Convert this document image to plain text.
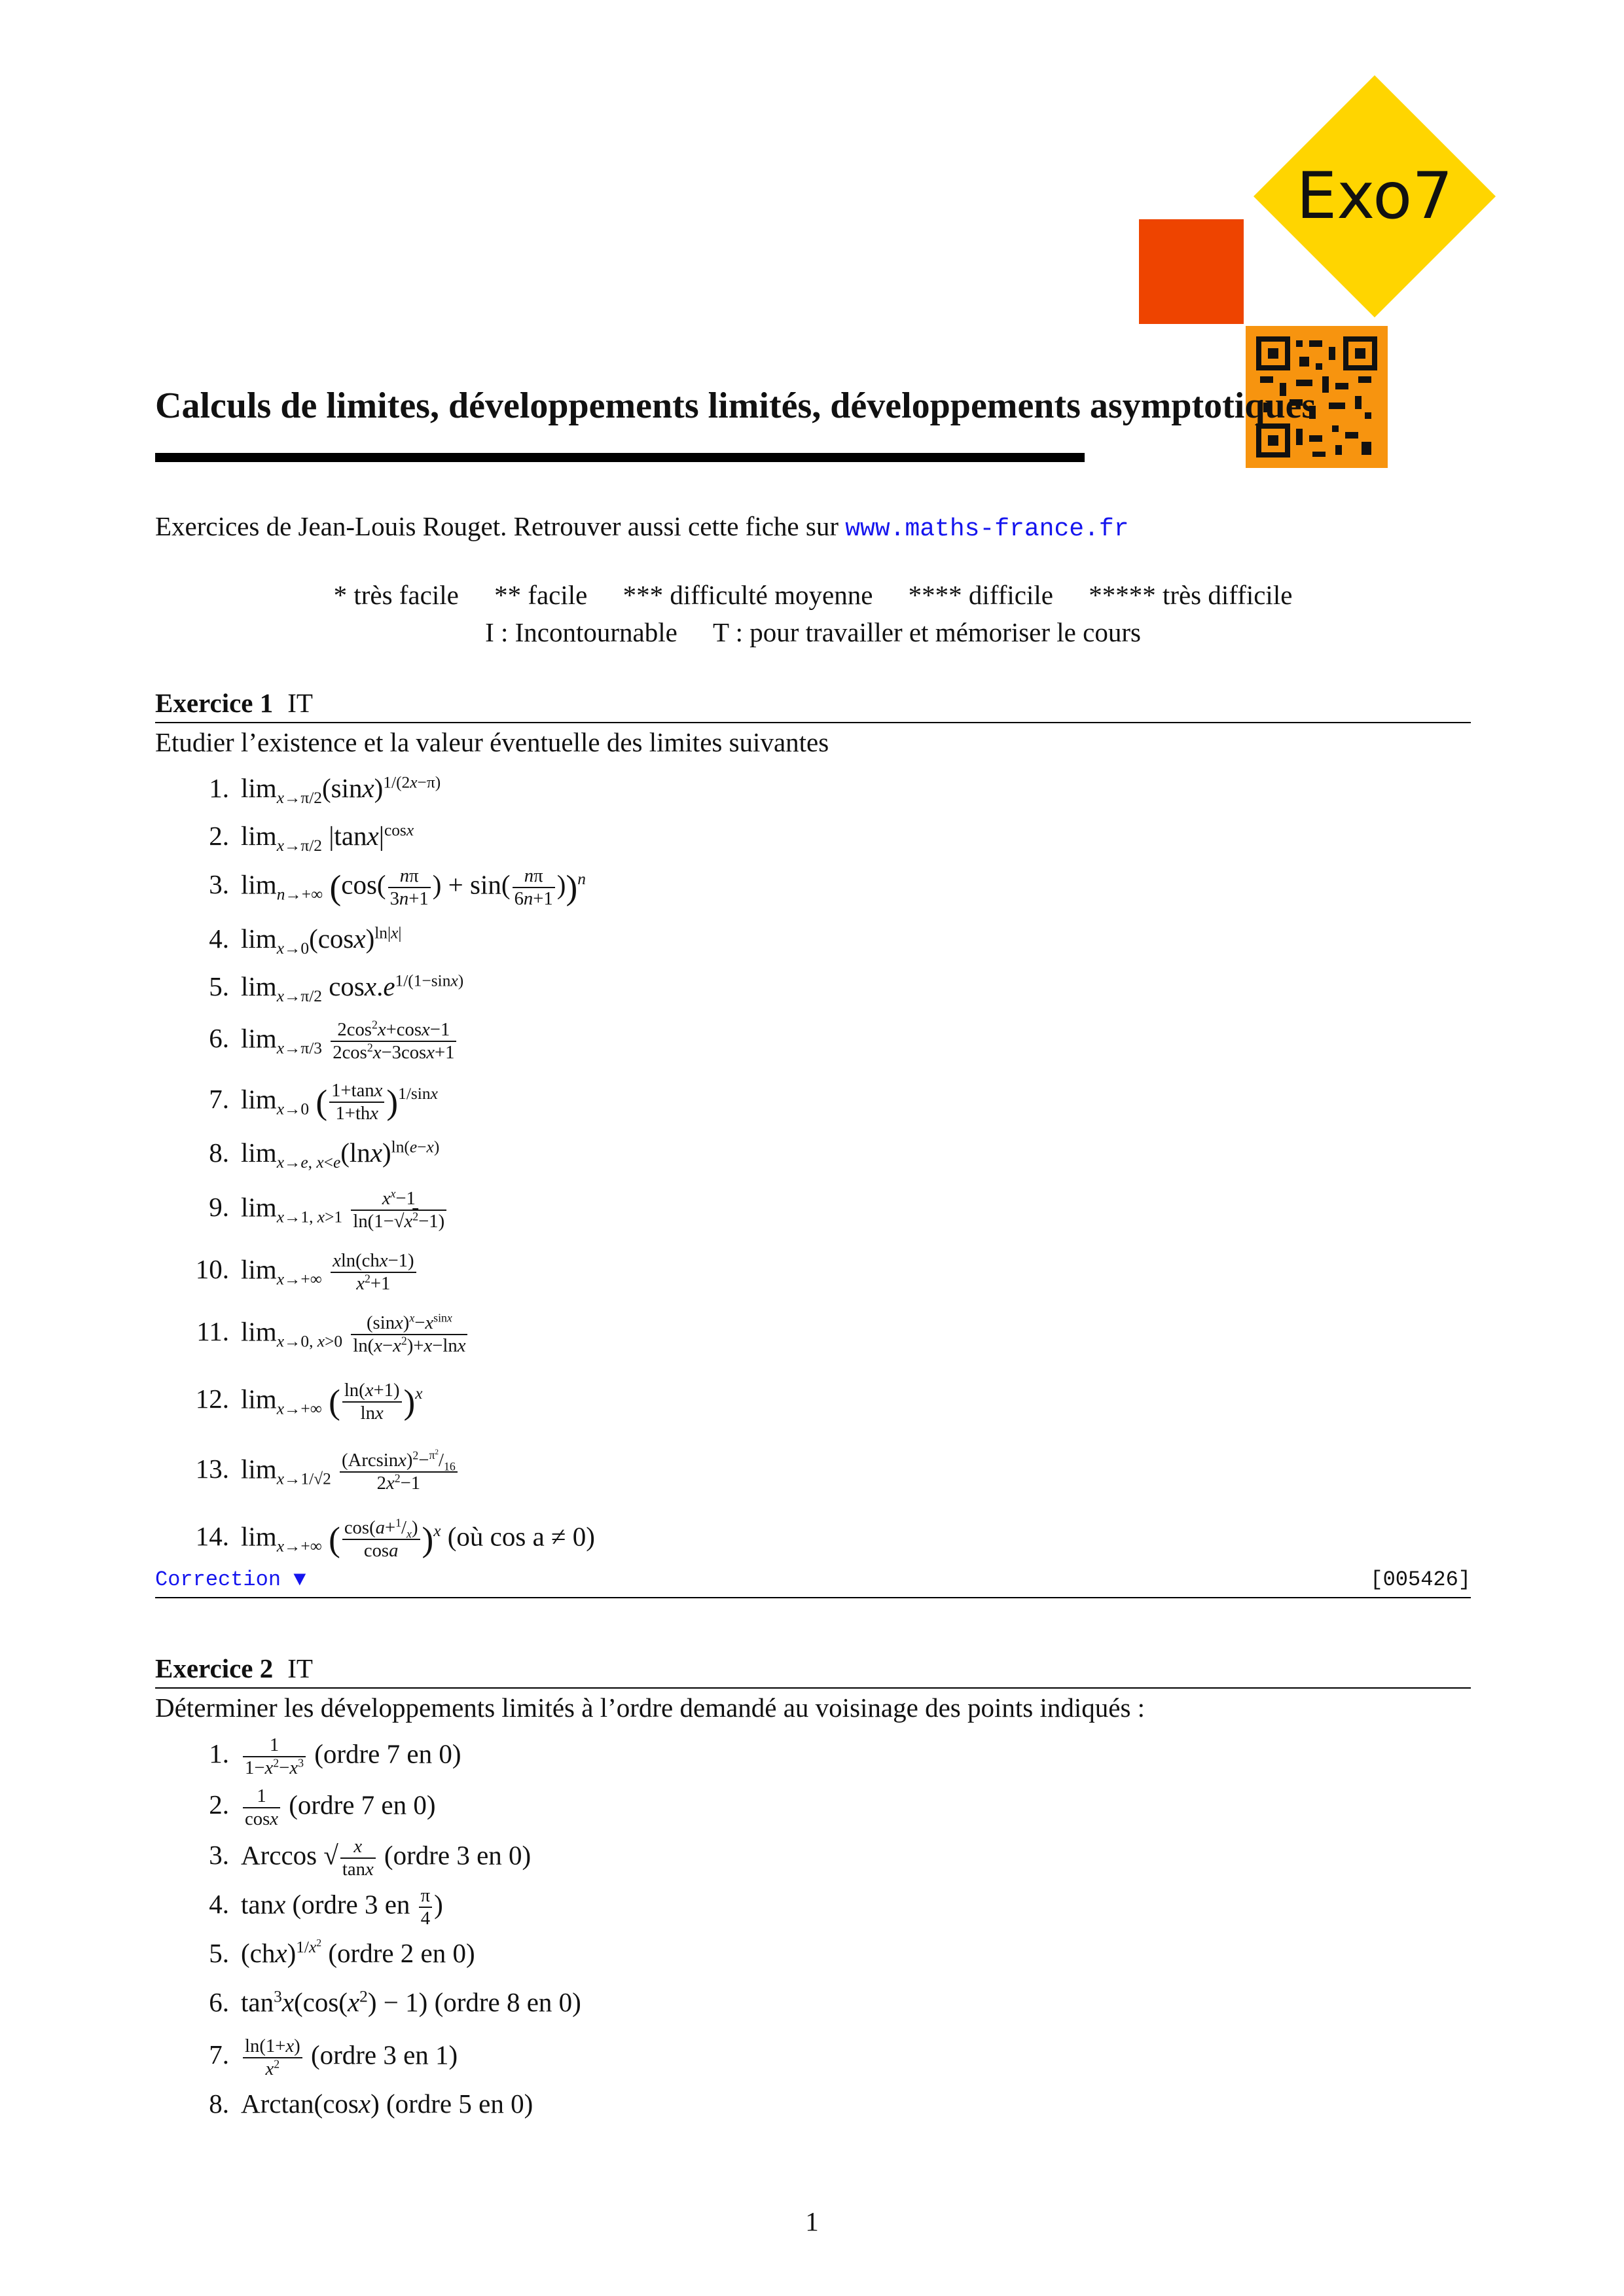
Exo7
Calculs de limites, développements limités, développements asymptotiques
Exercices de Jean-Louis Rouget. Retrouver aussi cette fiche sur www.maths-france.fr
* très facile ** facile *** difficulté moyenne **** difficile ***** très difficile
I : Incontournable T : pour travailler et mémoriser le cours
Exercice 1 IT
Etudier l’existence et la valeur éventuelle des limites suivantes
1. $\lim_{x\to\pi/2}(\sin x)^{1/(2x-\pi)}$
2. $\lim_{x\to\pi/2} |\tan x|^{cosx}$
3. $\lim_{n\to+\infty} (\cos( \frac{n\pi}{3n+1}$ ) + $\sin( \frac{n\pi}{6n+1} ))^n$
4. $\lim_{x\to 0}(\cos x)^{ln|x|}$
5. $\lim_{x\to\pi/2} \cos x.e^{1/(1-sinx)}$
6. $\lim_{x\to\pi/3} \frac{2\cos^2x+\cos x-1}{2\cos^2x-3\cos x+1}$
7. $\lim_{x\to 0}$ ( $\frac{1+\tan x}{\text{1+thx}} )^{1/sinx}$
8. $\lim_{x\to e, x<e}(\ln x)^{ln(e-x)}$
9. $\lim_{x\to 1, x>1} \frac{x^x-1}{\ln(1-√x^2-1)}$
10. $\lim_{x\to+\infty} \frac{\text{xln(chx−1)}}{x^2+1}$
11. $\lim_{x\to 0, x>0} \frac{(\sin x)^x-x^{sinx}}{\ln(x-x^2)+x-\ln x}$
12. $\lim_{x\to+\infty}$ ( $\frac{\ln(x+1)}{\ln x} )^x$
13. $\lim_{x\to 1/√2} \frac{(Arcsinx)^2-^{\pi^2}/_{16}}{2x^2-1}$
14. $\lim_{x\to+\infty}$ ( $\frac{\cos(a+^1/_x)}{\cos a} )^x$ (où cos a ≠ 0)
Correction ▼	[005426]
Exercice 2 IT
Déterminer les développements limités à l’ordre demandé au voisinage des points indiqués :
1. $\frac{1}{1-x^2-x^3}$ (ordre 7 en 0)
2. $\frac{1}{\cos x}$ (ordre 7 en 0)
3. Arccos √ $\frac{x}{\tan x}$ (ordre 3 en 0)
4. tanx (ordre 3 en $\frac{\pi}{4}$ )
5. (chx)$^{1/x^2}$ (ordre 2 en 0)
6. $\tan^3x(\cos(x^2) - 1)$ (ordre 8 en 0)
7. $\frac{\ln(1+x)}{x^2}$ (ordre 3 en 1)
8. Arctan(cosx) (ordre 5 en 0)
1
